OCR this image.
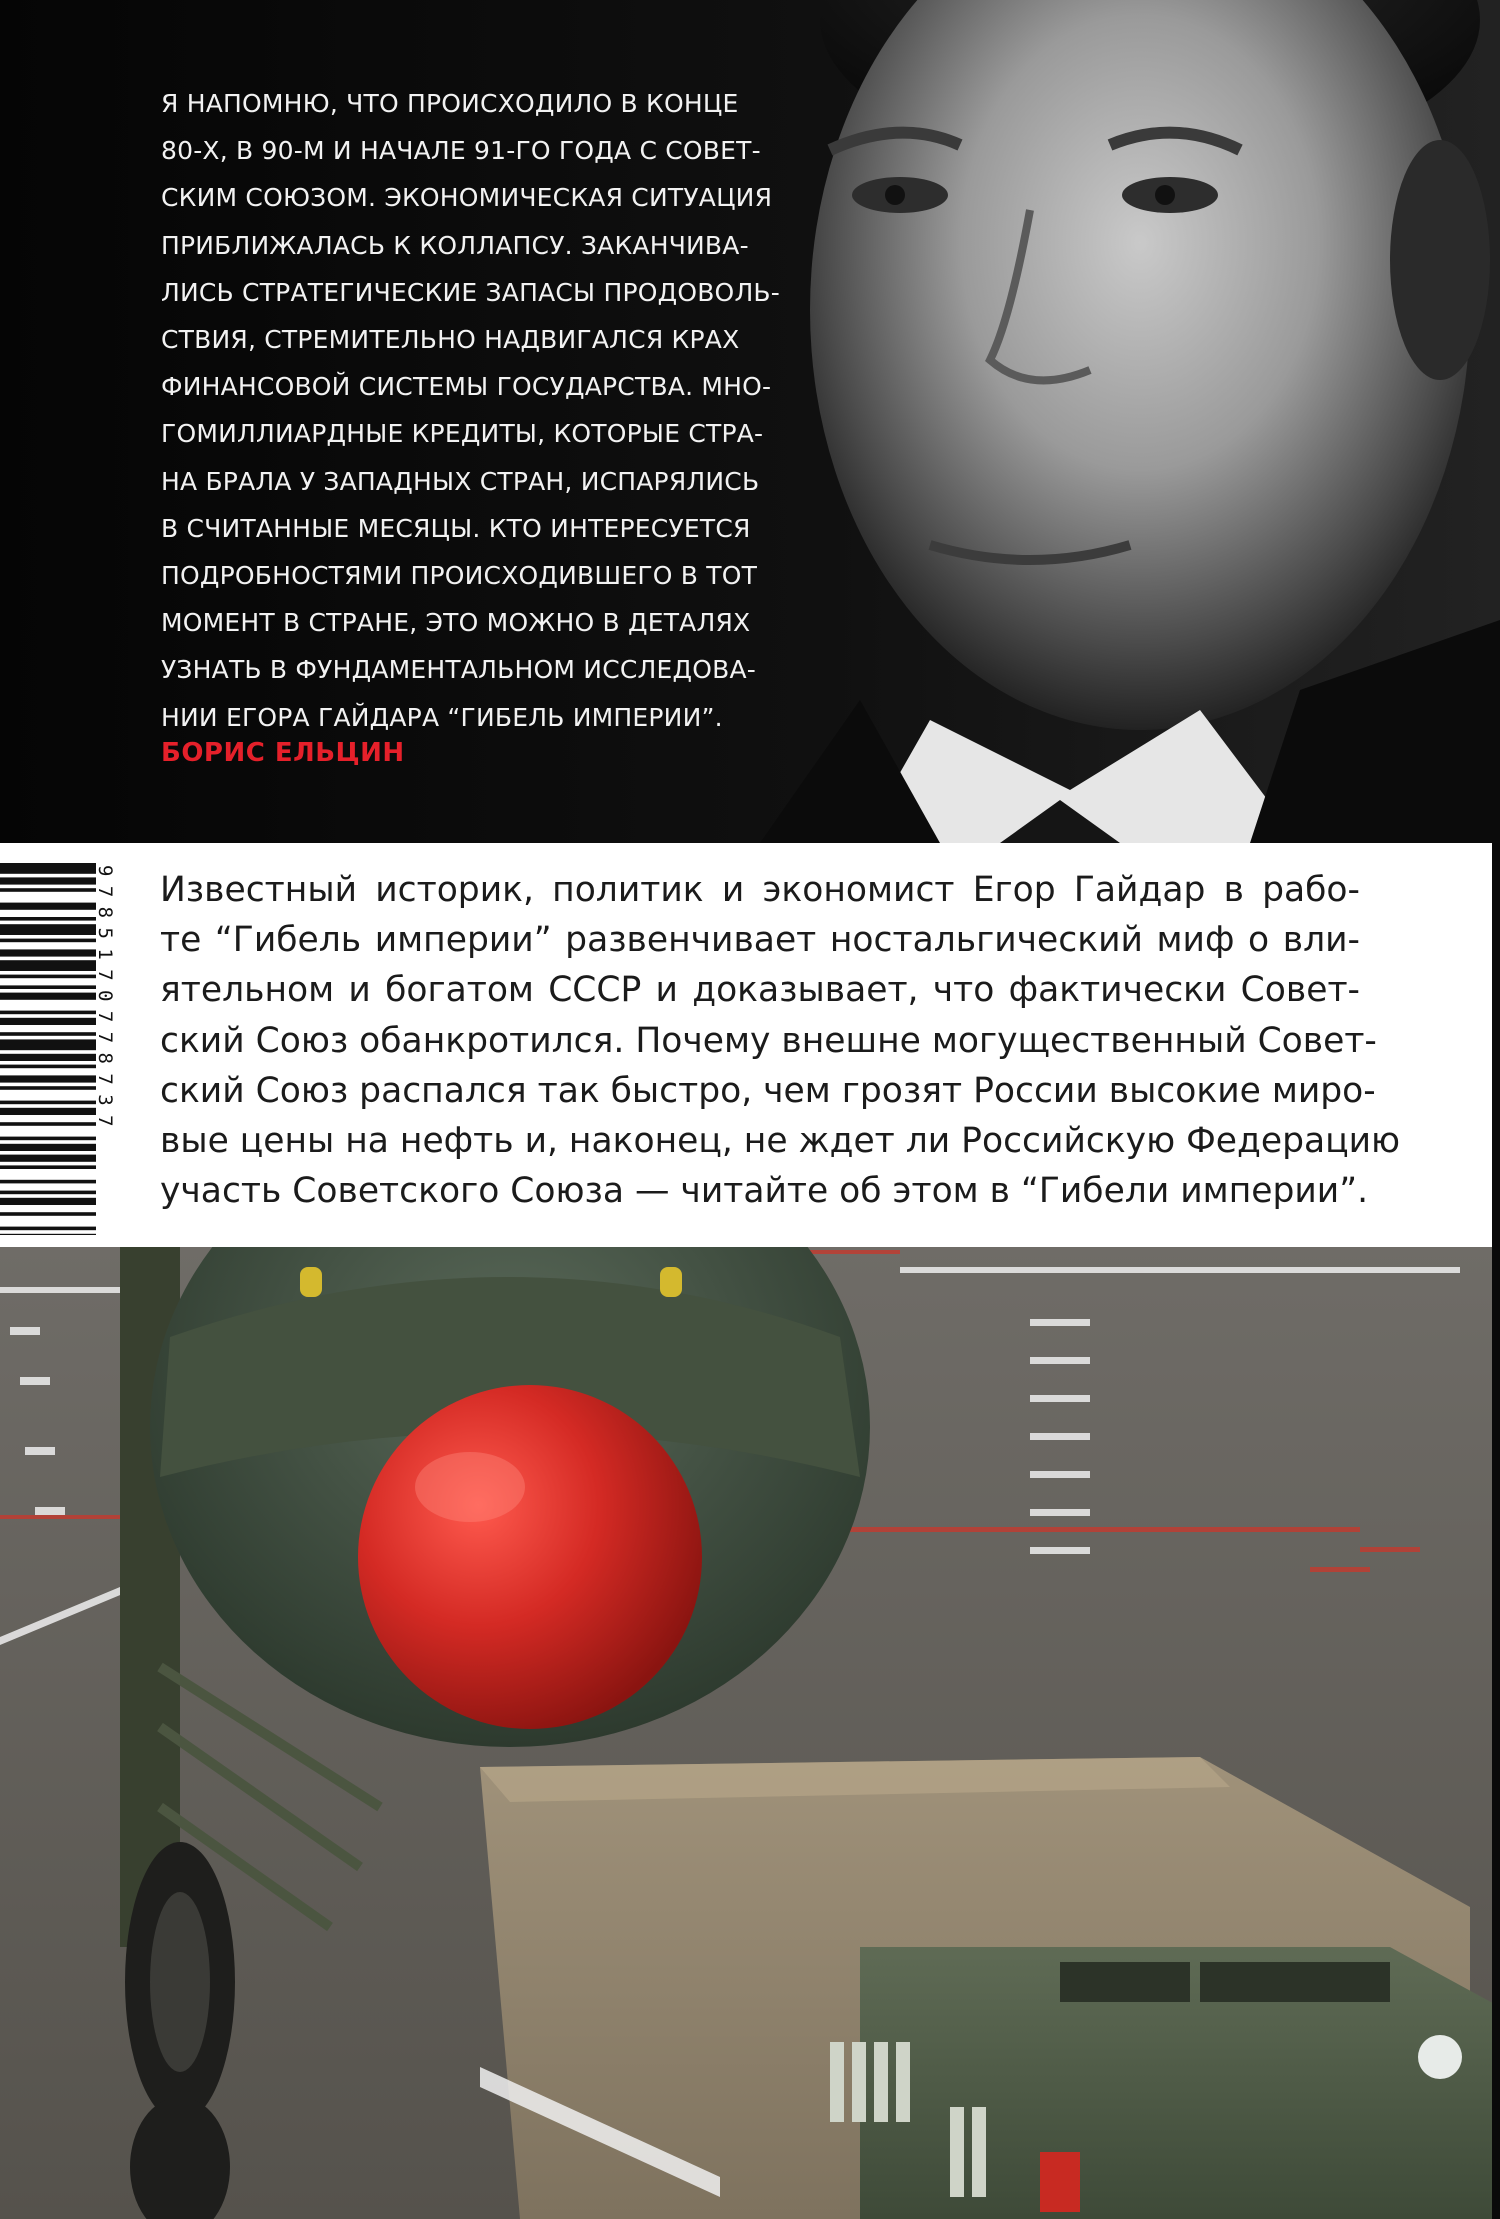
Я НАПОМНЮ, ЧТО ПРОИСХОДИЛО В КОНЦЕ
80-Х, В 90-М И НАЧАЛЕ 91-ГО ГОДА С СОВЕТ-
СКИМ СОЮЗОМ. ЭКОНОМИЧЕСКАЯ СИТУАЦИЯ
ПРИБЛИЖАЛАСЬ К КОЛЛАПСУ. ЗАКАНЧИВА-
ЛИСЬ СТРАТЕГИЧЕСКИЕ ЗАПАСЫ ПРОДОВОЛЬ-
СТВИЯ, СТРЕМИТЕЛЬНО НАДВИГАЛСЯ КРАХ
ФИНАНСОВОЙ СИСТЕМЫ ГОСУДАРСТВА. МНО-
ГОМИЛЛИАРДНЫЕ КРЕДИТЫ, КОТОРЫЕ СТРА-
НА БРАЛА У ЗАПАДНЫХ СТРАН, ИСПАРЯЛИСЬ
В СЧИТАННЫЕ МЕСЯЦЫ. КТО ИНТЕРЕСУЕТСЯ
ПОДРОБНОСТЯМИ ПРОИСХОДИВШЕГО В ТОТ
МОМЕНТ В СТРАНЕ, ЭТО МОЖНО В ДЕТАЛЯХ
УЗНАТЬ В ФУНДАМЕНТАЛЬНОМ ИССЛЕДОВА-
НИИ ЕГОРА ГАЙДАРА “ГИБЕЛЬ ИМПЕРИИ”.
БОРИС ЕЛЬЦИН
9785170778737 Известный историк, политик и экономист Егор Гайдар в рабо-
те “Гибель империи” развенчивает ностальгический миф о вли-
ятельном и богатом СССР и доказывает, что фактически Совет-
ский Союз обанкротился. Почему внешне могущественный Совет-
ский Союз распался так быстро, чем грозят России высокие миро-
вые цены на нефть и, наконец, не ждет ли Российскую Федерацию
участь Советского Союза — читайте об этом в “Гибели империи”.
